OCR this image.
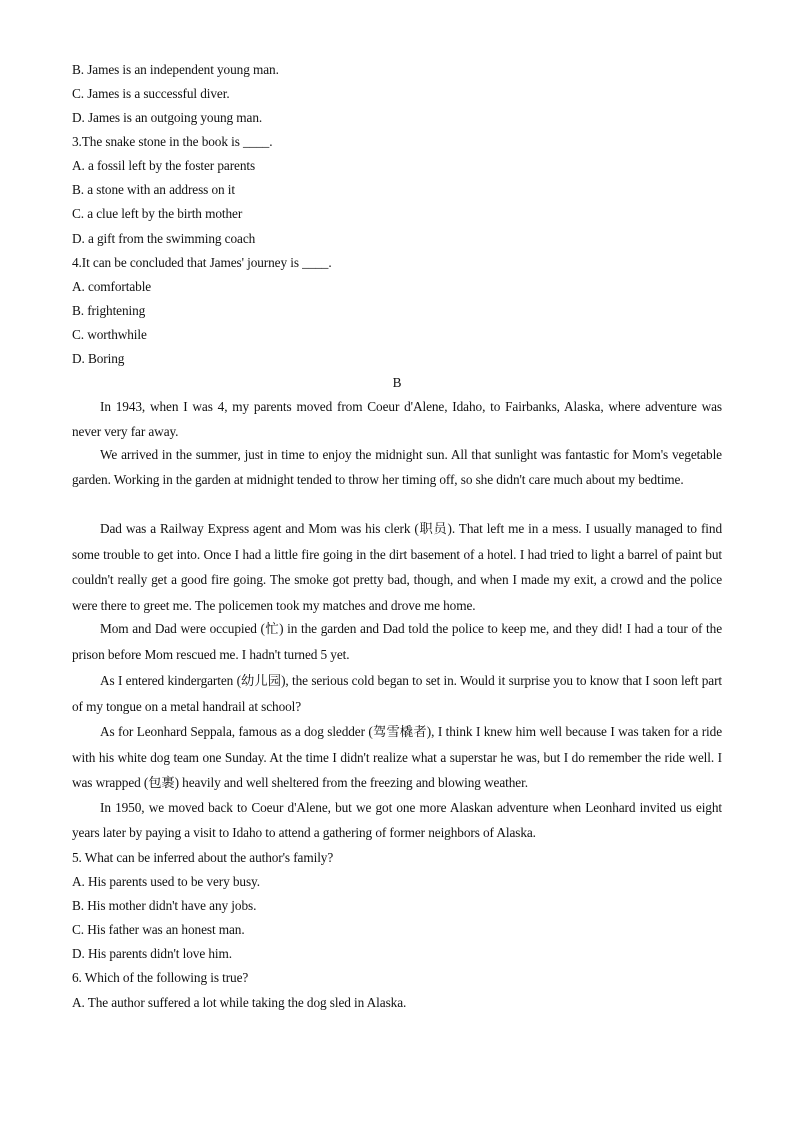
B. James is an independent young man.
C. James is a successful diver.
D. James is an outgoing young man.
3.The snake stone in the book is ____.
A. a fossil left by the foster parents
B. a stone with an address on it
C. a clue left by the birth mother
D. a gift from the swimming coach
4.It can be concluded that James' journey is ____.
A. comfortable
B. frightening
C. worthwhile
D. Boring
B
In 1943, when I was 4, my parents moved from Coeur d'Alene, Idaho, to Fairbanks, Alaska, where adventure was never very far away.
We arrived in the summer, just in time to enjoy the midnight sun. All that sunlight was fantastic for Mom's vegetable garden. Working in the garden at midnight tended to throw her timing off, so she didn't care much about my bedtime.
Dad was a Railway Express agent and Mom was his clerk (职员). That left me in a mess. I usually managed to find some trouble to get into. Once I had a little fire going in the dirt basement of a hotel. I had tried to light a barrel of paint but couldn't really get a good fire going. The smoke got pretty bad, though, and when I made my exit, a crowd and the police were there to greet me. The policemen took my matches and drove me home.
Mom and Dad were occupied (忙) in the garden and Dad told the police to keep me, and they did! I had a tour of the prison before Mom rescued me. I hadn't turned 5 yet.
As I entered kindergarten (幼儿园), the serious cold began to set in. Would it surprise you to know that I soon left part of my tongue on a metal handrail at school?
As for Leonhard Seppala, famous as a dog sledder (驾雪橇者), I think I knew him well because I was taken for a ride with his white dog team one Sunday. At the time I didn't realize what a superstar he was, but I do remember the ride well. I was wrapped (包裹) heavily and well sheltered from the freezing and blowing weather.
In 1950, we moved back to Coeur d'Alene, but we got one more Alaskan adventure when Leonhard invited us eight years later by paying a visit to Idaho to attend a gathering of former neighbors of Alaska.
5. What can be inferred about the author's family?
A. His parents used to be very busy.
B. His mother didn't have any jobs.
C. His father was an honest man.
D. His parents didn't love him.
6. Which of the following is true?
A. The author suffered a lot while taking the dog sled in Alaska.
